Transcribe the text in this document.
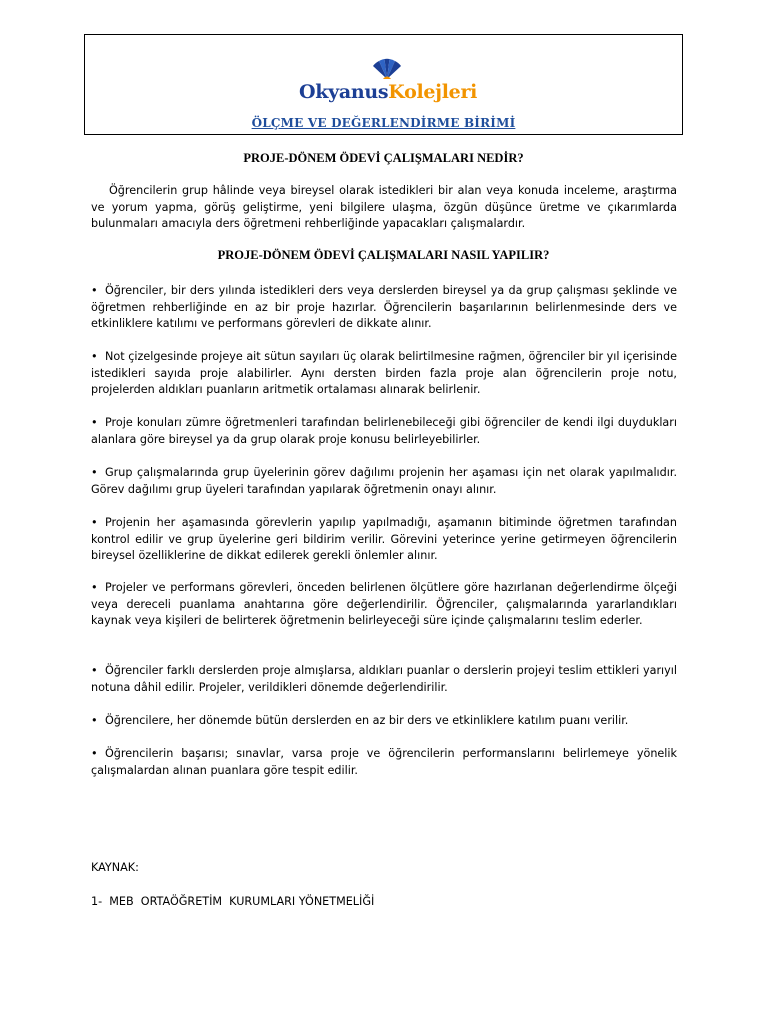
OkyanusKolejleri
ÖLÇME VE DEĞERLENDİRME BİRİMİ
PROJE-DÖNEM ÖDEVİ ÇALIŞMALARI NEDİR?

Öğrencilerin grup hâlinde veya bireysel olarak istedikleri bir alan veya konuda inceleme, araştırma ve yorum yapma, görüş geliştirme, yeni bilgilere ulaşma, özgün düşünce üretme ve çıkarımlarda bulunmaları amacıyla ders öğretmeni rehberliğinde yapacakları çalışmalardır.

PROJE-DÖNEM ÖDEVİ ÇALIŞMALARI NASIL YAPILIR?

• Öğrenciler, bir ders yılında istedikleri ders veya derslerden bireysel ya da grup çalışması şeklinde ve öğretmen rehberliğinde en az bir proje hazırlar. Öğrencilerin başarılarının belirlenmesinde ders ve etkinliklere katılımı ve performans görevleri de dikkate alınır.

• Not çizelgesinde projeye ait sütun sayıları üç olarak belirtilmesine rağmen, öğrenciler bir yıl içerisinde istedikleri sayıda proje alabilirler. Aynı dersten birden fazla proje alan öğrencilerin proje notu, projelerden aldıkları puanların aritmetik ortalaması alınarak belirlenir.

• Proje konuları zümre öğretmenleri tarafından belirlenebileceği gibi öğrenciler de kendi ilgi duydukları alanlara göre bireysel ya da grup olarak proje konusu belirleyebilirler.

• Grup çalışmalarında grup üyelerinin görev dağılımı projenin her aşaması için net olarak yapılmalıdır. Görev dağılımı grup üyeleri tarafından yapılarak öğretmenin onayı alınır.

• Projenin her aşamasında görevlerin yapılıp yapılmadığı, aşamanın bitiminde öğretmen tarafından kontrol edilir ve grup üyelerine geri bildirim verilir. Görevini yeterince yerine getirmeyen öğrencilerin bireysel özelliklerine de dikkat edilerek gerekli önlemler alınır.

• Projeler ve performans görevleri, önceden belirlenen ölçütlere göre hazırlanan değerlendirme ölçeği veya dereceli puanlama anahtarına göre değerlendirilir. Öğrenciler, çalışmalarında yararlandıkları kaynak veya kişileri de belirterek öğretmenin belirleyeceği süre içinde çalışmalarını teslim ederler.

• Öğrenciler farklı derslerden proje almışlarsa, aldıkları puanlar o derslerin projeyi teslim ettikleri yarıyıl notuna dâhil edilir. Projeler, verildikleri dönemde değerlendirilir.

• Öğrencilere, her dönemde bütün derslerden en az bir ders ve etkinliklere katılım puanı verilir.

• Öğrencilerin başarısı; sınavlar, varsa proje ve öğrencilerin performanslarını belirlemeye yönelik çalışmalardan alınan puanlara göre tespit edilir.

KAYNAK:
1-  MEB  ORTAÖĞRETİM  KURUMLARI YÖNETMELİĞİ
